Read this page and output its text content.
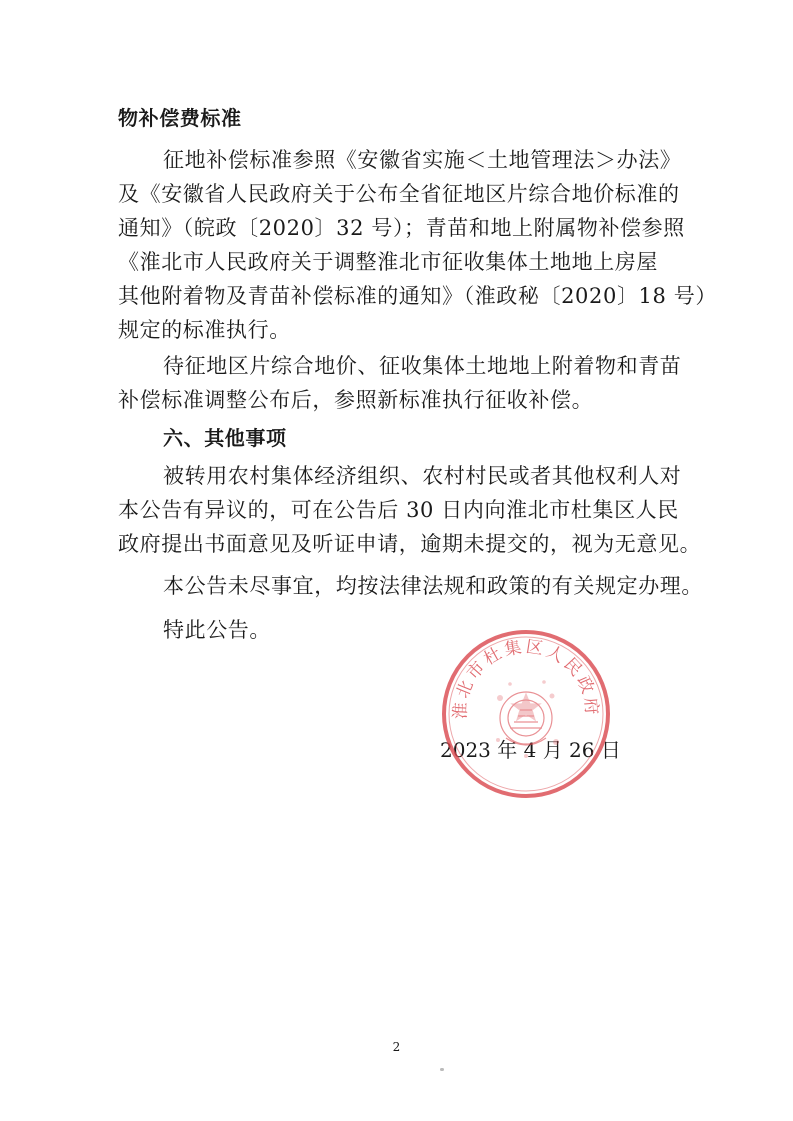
物补偿费标准
征地补偿标准参照《安徽省实施＜土地管理法＞办法》
及《安徽省人民政府关于公布全省征地区片综合地价标准的
通知》（皖政〔2020〕32 号）；青苗和地上附属物补偿参照
《淮北市人民政府关于调整淮北市征收集体土地地上房屋
其他附着物及青苗补偿标准的通知》（淮政秘〔2020〕18 号）
规定的标准执行。
待征地区片综合地价、征收集体土地地上附着物和青苗
补偿标准调整公布后，参照新标准执行征收补偿。
六、其他事项
被转用农村集体经济组织、农村村民或者其他权利人对
本公告有异议的，可在公告后 30 日内向淮北市杜集区人民
政府提出书面意见及听证申请，逾期未提交的，视为无意见。
本公告未尽事宜，均按法律法规和政策的有关规定办理。
特此公告。
2023 年 4 月 26 日
淮北市杜集区人民政府
2
